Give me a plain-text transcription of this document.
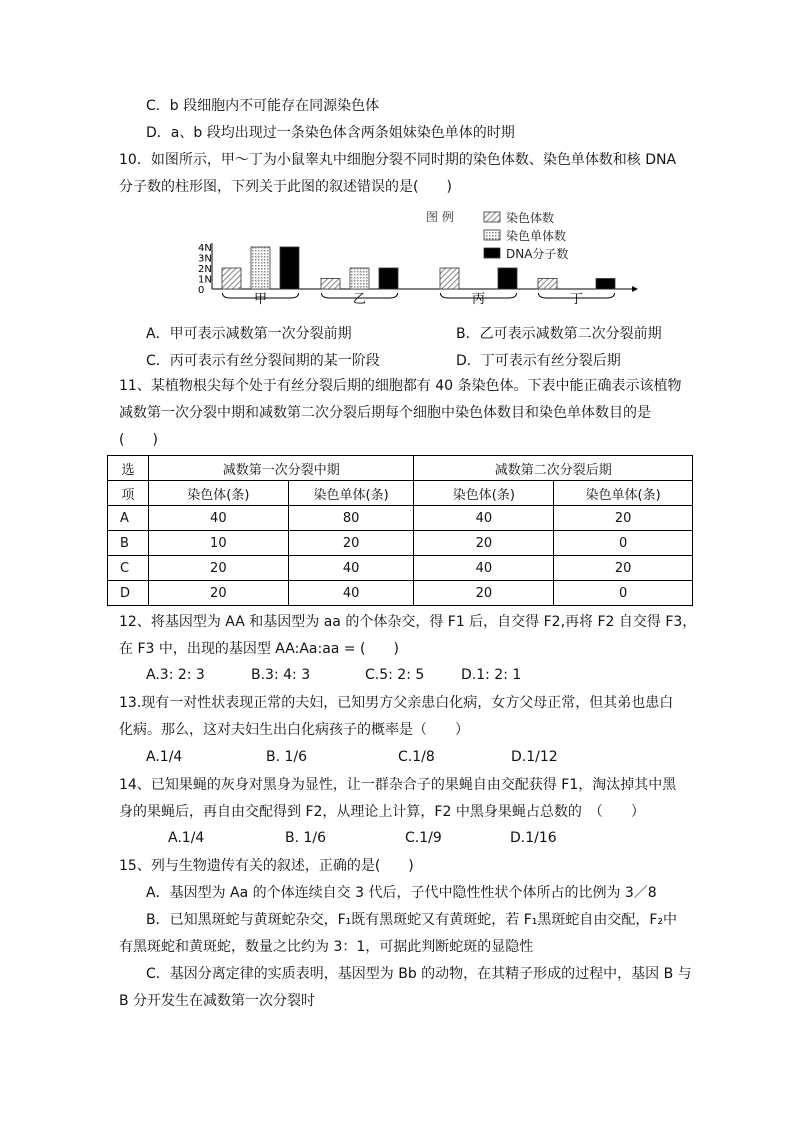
C．b 段细胞内不可能存在同源染色体
D．a、b 段均出现过一条染色体含两条姐妹染色单体的时期
10．如图所示，甲～丁为小鼠睾丸中细胞分裂不同时期的染色体数、染色单体数和核 DNA
分子数的柱形图，下列关于此图的叙述错误的是(　　)
图 例	染色体数
染色单体数
DNA分子数
0
1N
2N
3N
4N
甲	乙	丙	丁
A．甲可表示减数第一次分裂前期	B．乙可表示减数第二次分裂前期
C．丙可表示有丝分裂间期的某一阶段	D．丁可表示有丝分裂后期
11、某植物根尖每个处于有丝分裂后期的细胞都有 40 条染色体。下表中能正确表示该植物
减数第一次分裂中期和减数第二次分裂后期每个细胞中染色体数目和染色单体数目的是
(　　)
选	减数第一次分裂中期		减数第二次分裂后期	
项	染色体(条)	染色单体(条)	染色体(条)	染色单体(条)
A	40	80	40	20
B	10	20	20	0
C	20	40	40	20
D	20	40	20	0
12、将基因型为 AA 和基因型为 aa 的个体杂交，得 F1 后，自交得 F2,再将 F2 自交得 F3，
在 F3 中，出现的基因型 AA:Aa:aa = (　　)
A.3: 2: 3	B.3: 4: 3	C.5: 2: 5	D.1: 2: 1
13.现有一对性状表现正常的夫妇，已知男方父亲患白化病，女方父母正常，但其弟也患白
化病。那么，这对夫妇生出白化病孩子的概率是（　　）
A.1/4	B. 1/6	C.1/8	D.1/12
14、已知果蝇的灰身对黑身为显性，让一群杂合子的果蝇自由交配获得 F1，淘汰掉其中黑
身的果蝇后，再自由交配得到 F2，从理论上计算，F2 中黑身果蝇占总数的　（　　）
A.1/4	B. 1/6	C.1/9	D.1/16
15、列与生物遗传有关的叙述，正确的是(　　)
A．基因型为 Aa 的个体连续自交 3 代后，子代中隐性性状个体所占的比例为 3／8
B．已知黑斑蛇与黄斑蛇杂交，F₁既有黑斑蛇又有黄斑蛇，若 F₁黑斑蛇自由交配，F₂中
有黑斑蛇和黄斑蛇，数量之比约为 3：1，可据此判断蛇斑的显隐性
C．基因分离定律的实质表明，基因型为 Bb 的动物，在其精子形成的过程中，基因 B 与
B 分开发生在减数第一次分裂时
